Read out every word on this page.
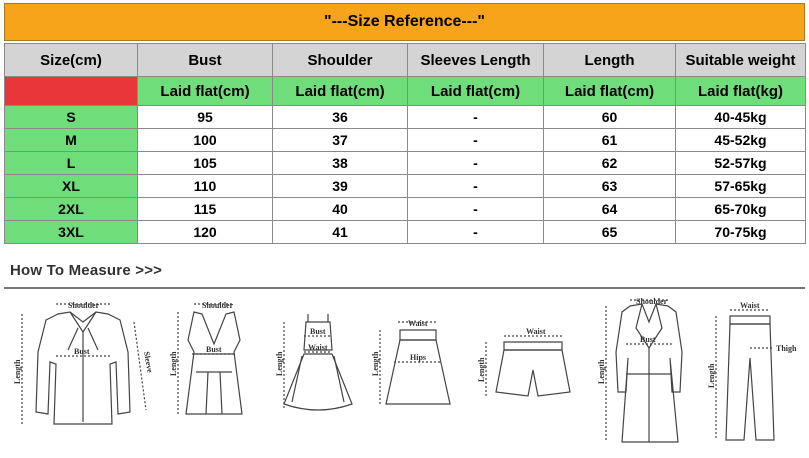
"---Size Reference---"
Size(cm)	Bust	Shoulder	Sleeves Length	Length	Suitable weight
	Laid flat(cm)	Laid flat(cm)	Laid flat(cm)	Laid flat(cm)	Laid flat(kg)
S	95	36	-	60	40-45kg
M	100	37	-	61	45-52kg
L	105	38	-	62	52-57kg
XL	110	39	-	63	57-65kg
2XL	115	40	-	64	65-70kg
3XL	120	41	-	65	70-75kg
How To Measure >>>
Shoulder
Bust
Length	Sleeve
Shoulder
Bust
Length
Bust
Waist
Length
Waist
Hips
Length
Waist
Length
Shoulder
Bust
Length
Waist
Thigh
Length
